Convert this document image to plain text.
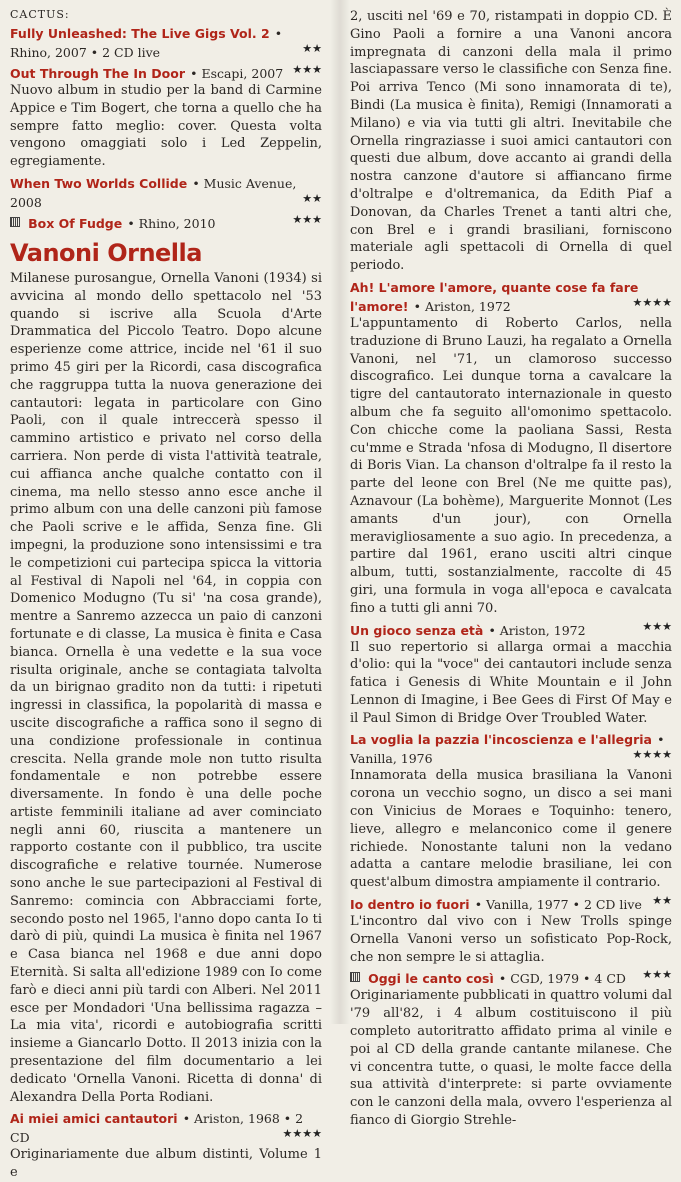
CACTUS:
Fully Unleashed: The Live Gigs Vol. 2 • Rhino, 2007 • 2 CD live	★★
Out Through The In Door • Escapi, 2007 ★★★

Nuovo album in studio per la band di Carmine Appice e Tim Bogert, che torna a quello che ha sempre fatto meglio: cover. Questa volta vengono omaggiati solo i Led Zeppelin, egregiamente.

When Two Worlds Collide • Music Avenue, 2008	★★
Box Of Fudge • Rhino, 2010	★★★
Vanoni Ornella

Milanese purosangue, Ornella Vanoni (1934) si avvicina al mondo dello spettacolo nel '53 quando si iscrive alla Scuola d'Arte Drammatica del Piccolo Teatro. Dopo alcune esperienze come attrice, incide nel '61 il suo primo 45 giri per la Ricordi, casa discografica che raggruppa tutta la nuova generazione dei cantautori: legata in particolare con Gino Paoli, con il quale intreccerà spesso il cammino artistico e privato nel corso della carriera. Non perde di vista l'attività teatrale, cui affianca anche qualche contatto con il cinema, ma nello stesso anno esce anche il primo album con una delle canzoni più famose che Paoli scrive e le affida, Senza fine. Gli impegni, la produzione sono intensissimi e tra le competizioni cui partecipa spicca la vittoria al Festival di Napoli nel '64, in coppia con Domenico Modugno (Tu si' 'na cosa grande), mentre a Sanremo azzecca un paio di canzoni fortunate e di classe, La musica è finita e Casa bianca. Ornella è una vedette e la sua voce risulta originale, anche se contagiata talvolta da un birignao gradito non da tutti: i ripetuti ingressi in classifica, la popolarità di massa e uscite discografiche a raffica sono il segno di una condizione professionale in continua crescita. Nella grande mole non tutto risulta fondamentale e non potrebbe essere diversamente. In fondo è una delle poche artiste femminili italiane ad aver cominciato negli anni 60, riuscita a mantenere un rapporto costante con il pubblico, tra uscite discografiche e relative tournée. Numerose sono anche le sue partecipazioni al Festival di Sanremo: comincia con Abbracciami forte, secondo posto nel 1965, l'anno dopo canta Io ti darò di più, quindi La musica è finita nel 1967 e Casa bianca nel 1968 e due anni dopo Eternità. Si salta all'edizione 1989 con Io come farò e dieci anni più tardi con Alberi. Nel 2011 esce per Mondadori 'Una bellissima ragazza – La mia vita', ricordi e autobiografia scritti insieme a Giancarlo Dotto. Il 2013 inizia con la presentazione del film documentario a lei dedicato 'Ornella Vanoni. Ricetta di donna' di Alexandra Della Porta Rodiani.

Ai miei amici cantautori • Ariston, 1968 • 2 CD	★★★★

Originariamente due album distinti, Volume 1 e

2, usciti nel '69 e 70, ristampati in doppio CD. È Gino Paoli a fornire a una Vanoni ancora impregnata di canzoni della mala il primo lasciapassare verso le classifiche con Senza fine. Poi arriva Tenco (Mi sono innamorata di te), Bindi (La musica è finita), Remigi (Innamorati a Milano) e via via tutti gli altri. Inevitabile che Ornella ringraziasse i suoi amici cantautori con questi due album, dove accanto ai grandi della nostra canzone d'autore si affiancano firme d'oltralpe e d'oltremanica, da Edith Piaf a Donovan, da Charles Trenet a tanti altri che, con Brel e i grandi brasiliani, forniscono materiale agli spettacoli di Ornella di quel periodo.

Ah! L'amore l'amore, quante cose fa fare l'amore! • Ariston, 1972	★★★★

L'appuntamento di Roberto Carlos, nella traduzione di Bruno Lauzi, ha regalato a Ornella Vanoni, nel '71, un clamoroso successo discografico. Lei dunque torna a cavalcare la tigre del cantautorato internazionale in questo album che fa seguito all'omonimo spettacolo. Con chicche come la paoliana Sassi, Resta cu'mme e Strada 'nfosa di Modugno, Il disertore di Boris Vian. La chanson d'oltralpe fa il resto la parte del leone con Brel (Ne me quitte pas), Aznavour (La bohème), Marguerite Monnot (Les amants d'un jour), con Ornella meravigliosamente a suo agio. In precedenza, a partire dal 1961, erano usciti altri cinque album, tutti, sostanzialmente, raccolte di 45 giri, una formula in voga all'epoca e cavalcata fino a tutti gli anni 70.

Un gioco senza età • Ariston, 1972	★★★

Il suo repertorio si allarga ormai a macchia d'olio: qui la "voce" dei cantautori include senza fatica i Genesis di White Mountain e il John Lennon di Imagine, i Bee Gees di First Of May e il Paul Simon di Bridge Over Troubled Water.

La voglia la pazzia l'incoscienza e l'allegria • Vanilla, 1976	★★★★

Innamorata della musica brasiliana la Vanoni corona un vecchio sogno, un disco a sei mani con Vinicius de Moraes e Toquinho: tenero, lieve, allegro e melanconico come il genere richiede. Nonostante taluni non la vedano adatta a cantare melodie brasiliane, lei con quest'album dimostra ampiamente il contrario.

Io dentro io fuori • Vanilla, 1977 • 2 CD live ★★

L'incontro dal vivo con i New Trolls spinge Ornella Vanoni verso un sofisticato Pop-Rock, che non sempre le si attaglia.

Oggi le canto così • CGD, 1979 • 4 CD ★★★

Originariamente pubblicati in quattro volumi dal '79 all'82, i 4 album costituiscono il più completo autoritratto affidato prima al vinile e poi al CD della grande cantante milanese. Che vi concentra tutte, o quasi, le molte facce della sua attività d'interprete: si parte ovviamente con le canzoni della mala, ovvero l'esperienza al fianco di Giorgio Strehle-
